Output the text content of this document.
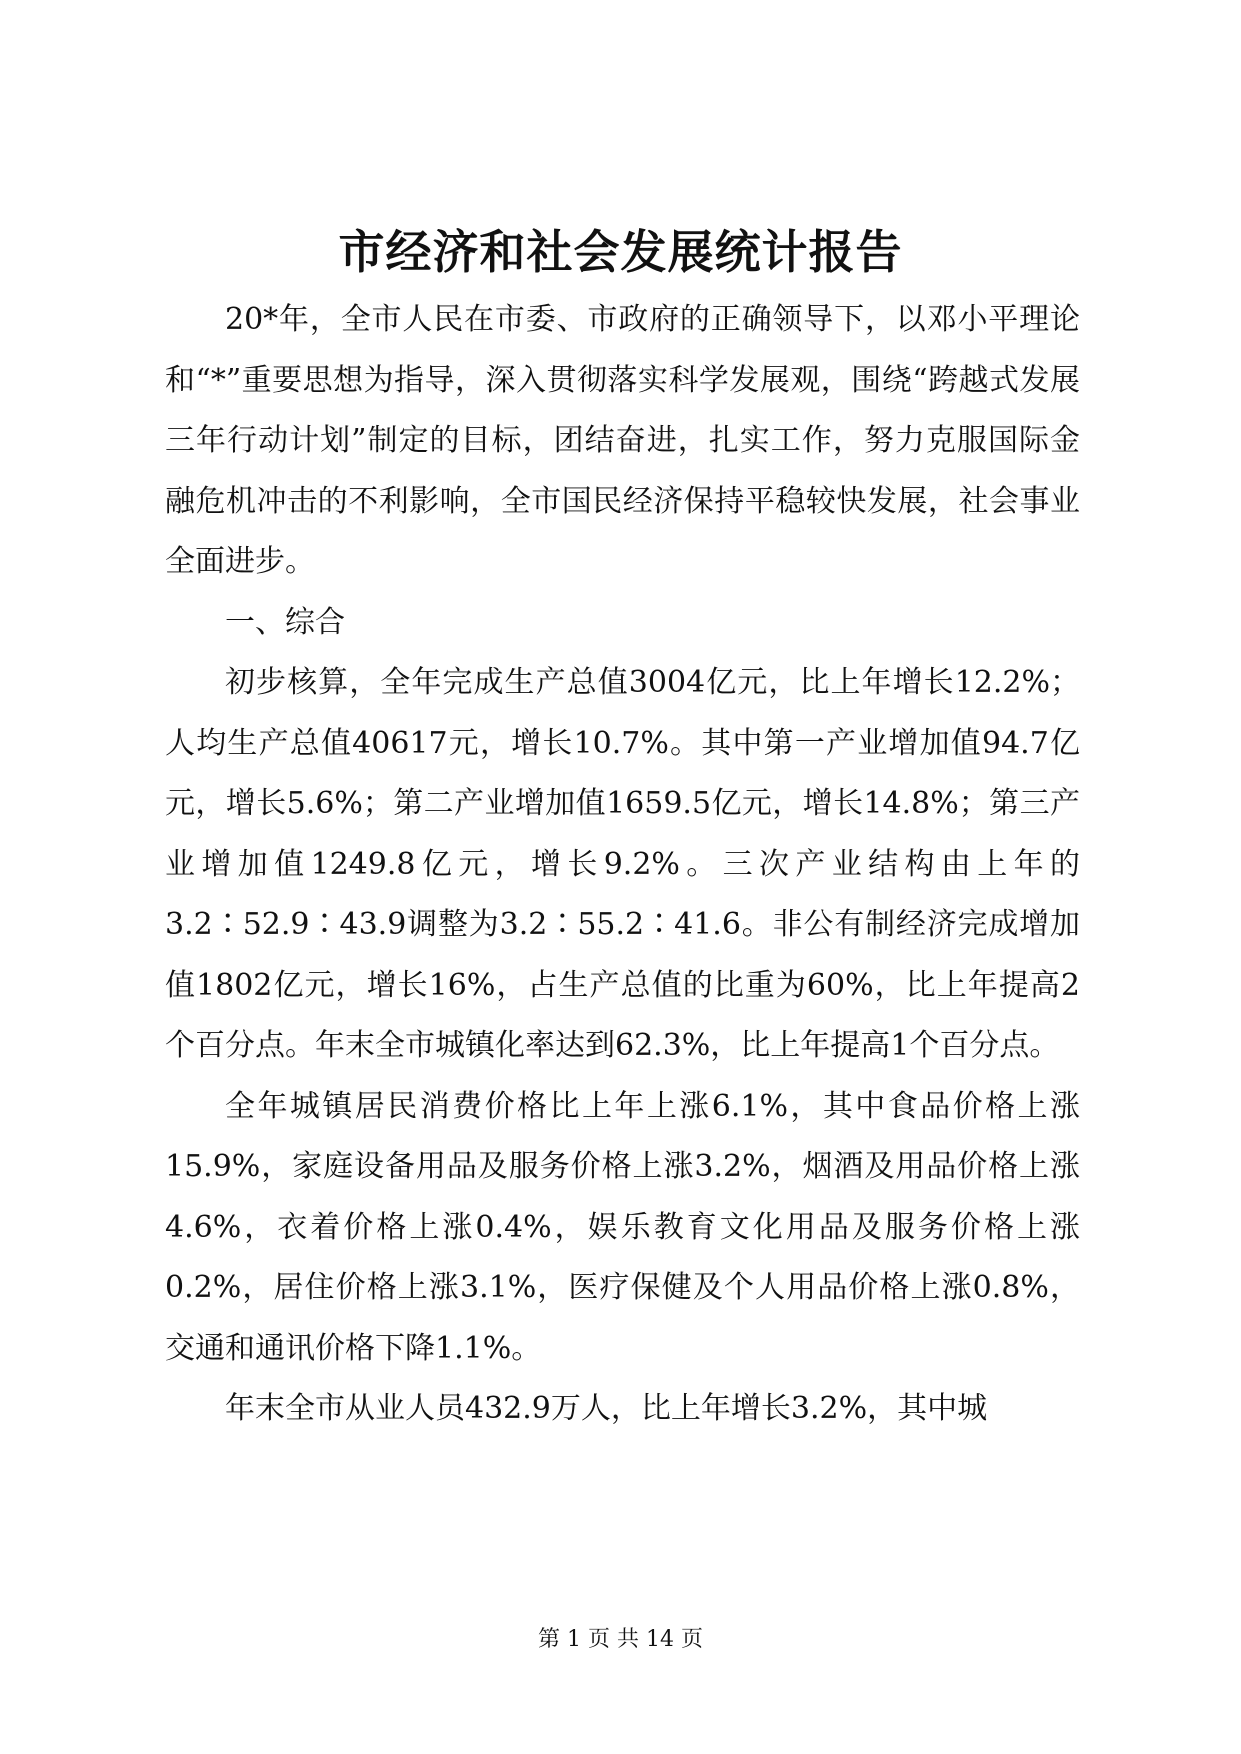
市经济和社会发展统计报告

20*年，全市人民在市委、市政府的正确领导下，以邓小平理论和“*”重要思想为指导，深入贯彻落实科学发展观，围绕“跨越式发展三年行动计划”制定的目标，团结奋进，扎实工作，努力克服国际金融危机冲击的不利影响，全市国民经济保持平稳较快发展，社会事业全面进步。

一、综合

初步核算，全年完成生产总值3004亿元，比上年增长12.2%；人均生产总值40617元，增长10.7%。其中第一产业增加值94.7亿元，增长5.6%；第二产业增加值1659.5亿元，增长14.8%；第三产业增加值1249.8亿元，增长9.2%。三次产业结构由上年的3.2∶52.9∶43.9调整为3.2∶55.2∶41.6。非公有制经济完成增加值1802亿元，增长16%，占生产总值的比重为60%，比上年提高2个百分点。年末全市城镇化率达到62.3%，比上年提高1个百分点。

全年城镇居民消费价格比上年上涨6.1%，其中食品价格上涨15.9%，家庭设备用品及服务价格上涨3.2%，烟酒及用品价格上涨4.6%，衣着价格上涨0.4%，娱乐教育文化用品及服务价格上涨0.2%，居住价格上涨3.1%，医疗保健及个人用品价格上涨0.8%，交通和通讯价格下降1.1%。

年末全市从业人员432.9万人，比上年增长3.2%，其中城

第 1 页 共 14 页
